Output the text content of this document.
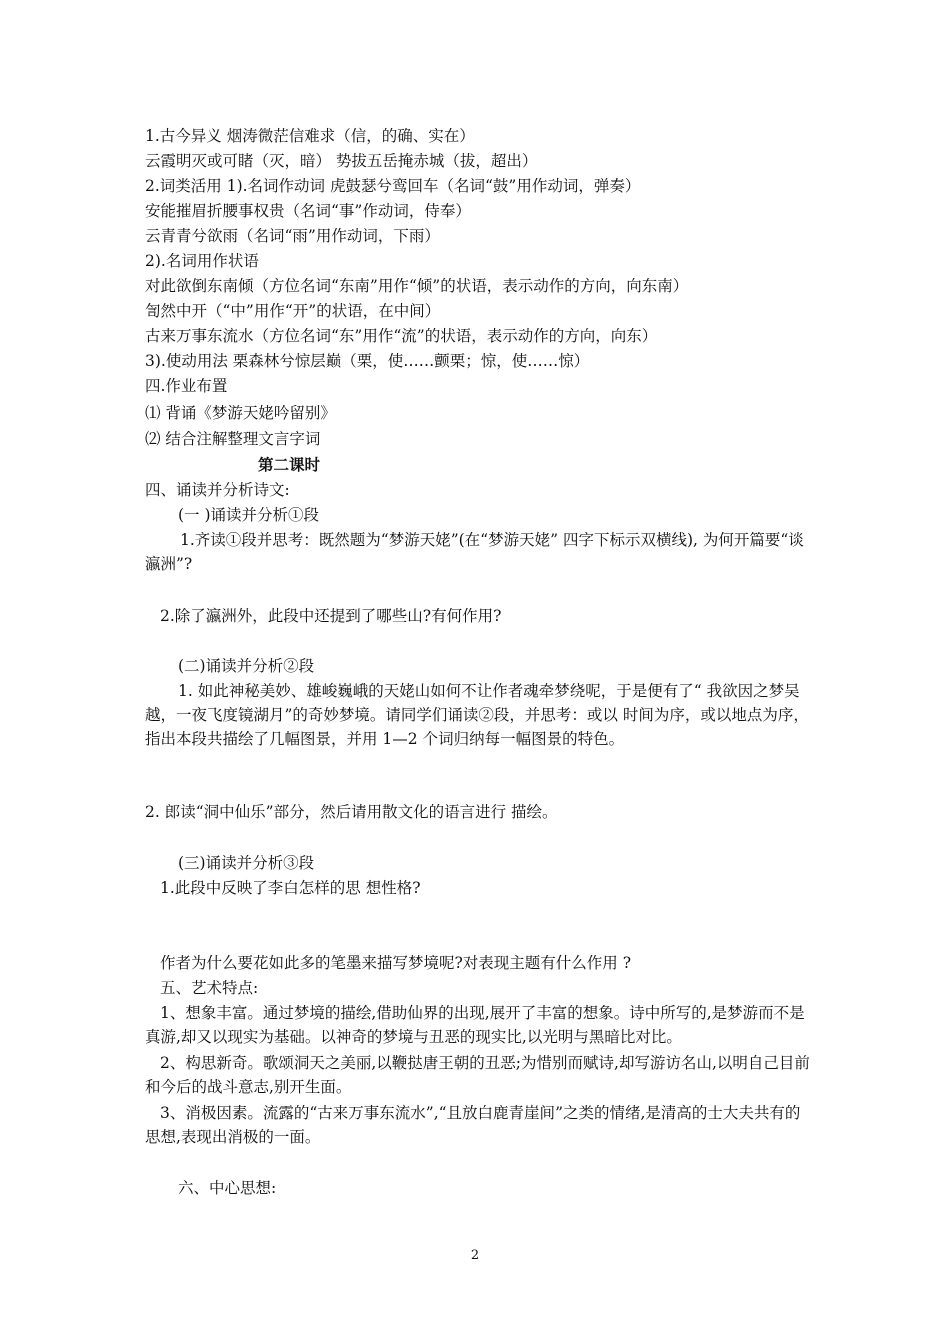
1.古今异义 烟涛微茫信难求（信，的确、实在）
云霞明灭或可睹（灭，暗） 势拔五岳掩赤城（拔，超出）
2.词类活用 1).名词作动词 虎鼓瑟兮鸾回车（名词“鼓”用作动词，弹奏）
安能摧眉折腰事权贵（名词“事”作动词，侍奉）
云青青兮欲雨（名词“雨”用作动词，下雨）
2).名词用作状语
对此欲倒东南倾（方位名词“东南”用作“倾”的状语，表示动作的方向，向东南）
訇然中开（“中”用作“开”的状语，在中间）
古来万事东流水（方位名词“东”用作“流”的状语，表示动作的方向，向东）
3).使动用法 栗森林兮惊层巅（栗，使……颤栗；惊，使……惊）
四.作业布置
⑴ 背诵《梦游天姥吟留别》
⑵ 结合注解整理文言字词
第二课时
四、诵读并分析诗文:
(一 )诵读并分析①段
1.齐读①段并思考：既然题为“梦游天姥”(在“梦游天姥” 四字下标示双横线), 为何开篇要“谈瀛洲”?
2.除了瀛洲外，此段中还提到了哪些山?有何作用?
(二)诵读并分析②段
1. 如此神秘美妙、雄峻巍峨的天姥山如何不让作者魂牵梦绕呢，于是便有了“ 我欲因之梦吴越，一夜飞度镜湖月”的奇妙梦境。请同学们诵读②段，并思考：或以 时间为序，或以地点为序，指出本段共描绘了几幅图景，并用 1—2 个词归纳每一幅图景的特色。
2. 郎读“洞中仙乐”部分，然后请用散文化的语言进行 描绘。
(三)诵读并分析③段
1.此段中反映了李白怎样的思 想性格?
作者为什么要花如此多的笔墨来描写梦境呢?对表现主题有什么作用 ?
五、艺术特点:
1、想象丰富。通过梦境的描绘,借助仙界的出现,展开了丰富的想象。诗中所写的,是梦游而不是真游,却又以现实为基础。以神奇的梦境与丑恶的现实比,以光明与黑暗比对比。
2、构思新奇。歌颂洞天之美丽,以鞭挞唐王朝的丑恶;为惜别而赋诗,却写游访名山,以明自己目前和今后的战斗意志,别开生面。
3、消极因素。流露的“古来万事东流水”,“且放白鹿青崖间”之类的情绪,是清高的士大夫共有的思想,表现出消极的一面。
六、中心思想:
2
